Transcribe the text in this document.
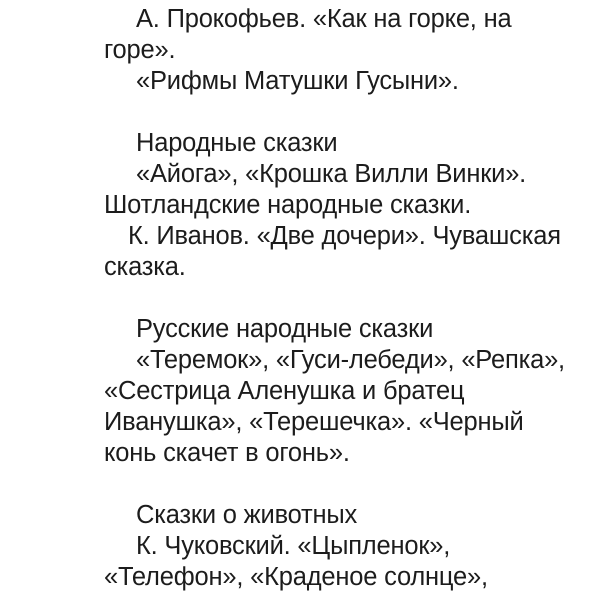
А. Прокофьев. «Как на горке, на
горе».
«Рифмы Матушки Гусыни».
Народные сказки
«Айога», «Крошка Вилли Винки».
Шотландские народные сказки.
К. Иванов. «Две дочери». Чувашская
сказка.
Русские народные сказки
«Теремок», «Гуси-лебеди», «Репка»,
«Сестрица Аленушка и братец
Иванушка», «Терешечка». «Черный
конь скачет в огонь».
Сказки о животных
К. Чуковский. «Цыпленок»,
«Телефон», «Краденое солнце»,
